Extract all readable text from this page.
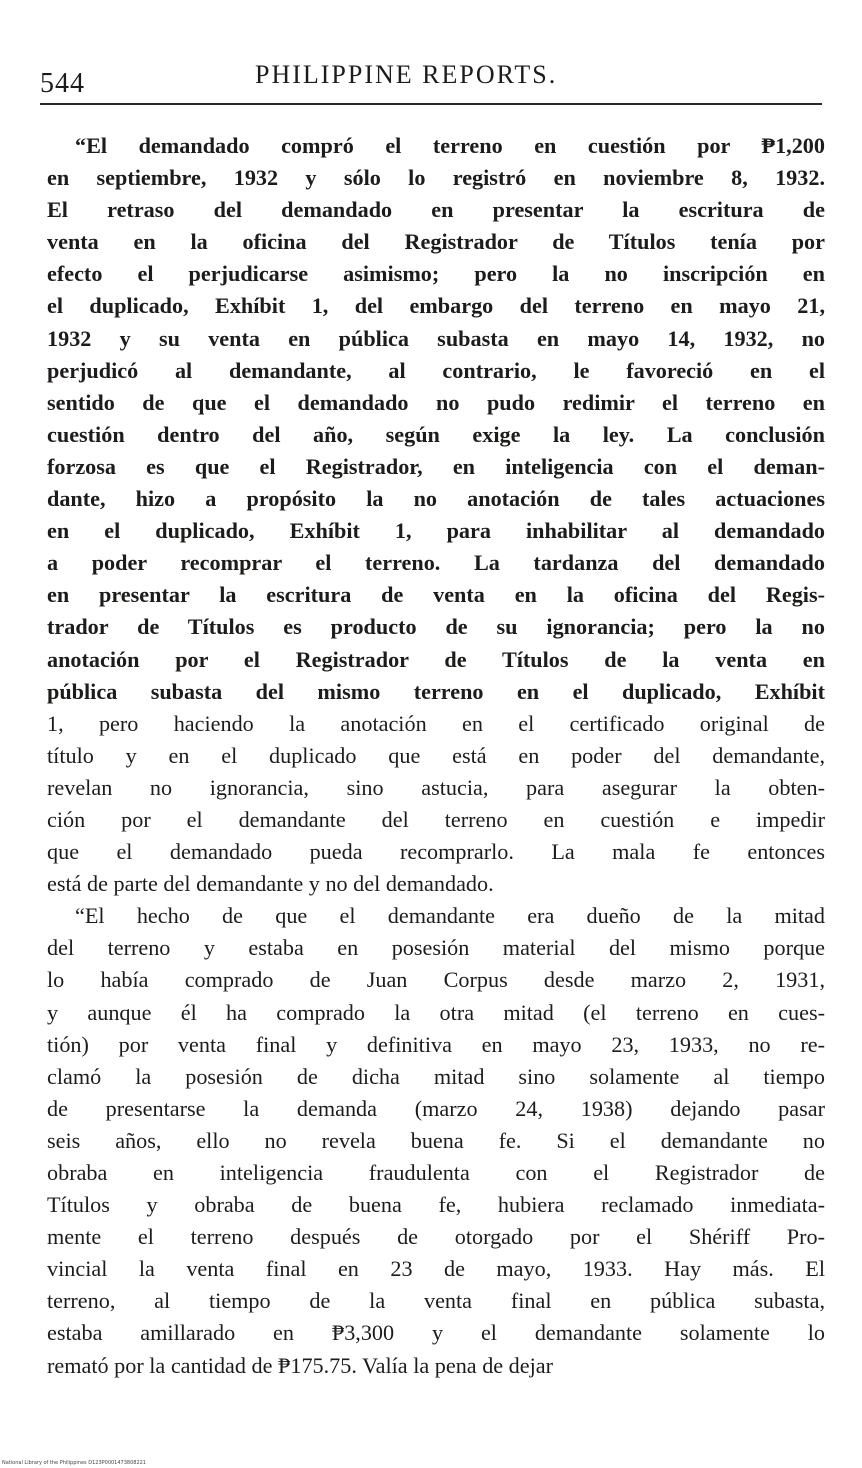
544	PHILIPPINE REPORTS.
“El demandado compró el terreno en cuestión por ₱1,200
en septiembre, 1932 y sólo lo registró en noviembre 8, 1932.
El retraso del demandado en presentar la escritura de
venta en la oficina del Registrador de Títulos tenía por
efecto el perjudicarse asimismo; pero la no inscripción en
el duplicado, Exhíbit 1, del embargo del terreno en mayo 21,
1932 y su venta en pública subasta en mayo 14, 1932, no
perjudicó al demandante, al contrario, le favoreció en el
sentido de que el demandado no pudo redimir el terreno en
cuestión dentro del año, según exige la ley. La conclusión
forzosa es que el Registrador, en inteligencia con el deman-
dante, hizo a propósito la no anotación de tales actuaciones
en el duplicado, Exhíbit 1, para inhabilitar al demandado
a poder recomprar el terreno. La tardanza del demandado
en presentar la escritura de venta en la oficina del Regis-
trador de Títulos es producto de su ignorancia; pero la no
anotación por el Registrador de Títulos de la venta en
pública subasta del mismo terreno en el duplicado, Exhíbit
1, pero haciendo la anotación en el certificado original de
título y en el duplicado que está en poder del demandante,
revelan no ignorancia, sino astucia, para asegurar la obten-
ción por el demandante del terreno en cuestión e impedir
que el demandado pueda recomprarlo. La mala fe entonces
está de parte del demandante y no del demandado.
“El hecho de que el demandante era dueño de la mitad
del terreno y estaba en posesión material del mismo porque
lo había comprado de Juan Corpus desde marzo 2, 1931,
y aunque él ha comprado la otra mitad (el terreno en cues-
tión) por venta final y definitiva en mayo 23, 1933, no re-
clamó la posesión de dicha mitad sino solamente al tiempo
de presentarse la demanda (marzo 24, 1938) dejando pasar
seis años, ello no revela buena fe. Si el demandante no
obraba en inteligencia fraudulenta con el Registrador de
Títulos y obraba de buena fe, hubiera reclamado inmediata-
mente el terreno después de otorgado por el Shériff Pro-
vincial la venta final en 23 de mayo, 1933. Hay más. El
terreno, al tiempo de la venta final en pública subasta,
estaba amillarado en ₱3,300 y el demandante solamente lo
remató por la cantidad de ₱175.75. Valía la pena de dejar
National Library of the Philippines D123P0001473808221
